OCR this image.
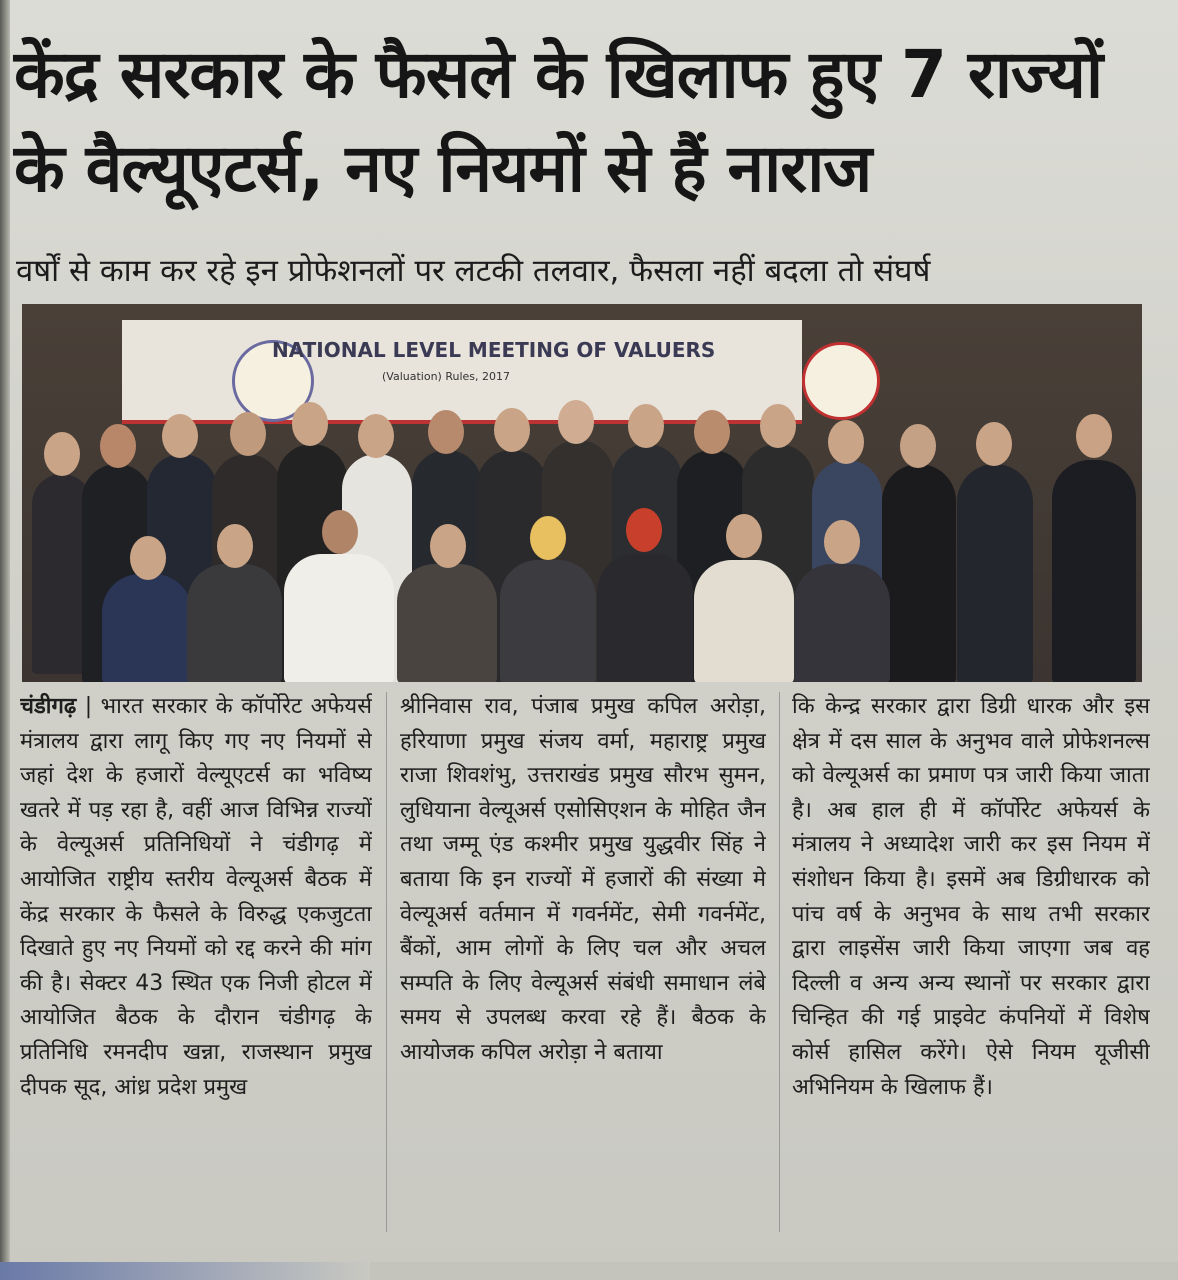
केंद्र सरकार के फैसले के खिलाफ हुए 7 राज्यों के वैल्यूएटर्स, नए नियमों से हैं नाराज

वर्षों से काम कर रहे इन प्रोफेशनलों पर लटकी तलवार, फैसला नहीं बदला तो संघर्ष

NATIONAL LEVEL MEETING OF VALUERS
(Valuation) Rules, 2017
चंडीगढ़ | भारत सरकार के कॉर्पोरेट अफेयर्स मंत्रालय द्वारा लागू किए गए नए नियमों से जहां देश के हजारों वेल्यूएटर्स का भविष्य खतरे में पड़ रहा है, वहीं आज विभिन्न राज्यों के वेल्यूअर्स प्रतिनिधियों ने चंडीगढ़ में आयोजित राष्ट्रीय स्तरीय वेल्यूअर्स बैठक में केंद्र सरकार के फैसले के विरुद्ध एकजुटता दिखाते हुए नए नियमों को रद्द करने की मांग की है। सेक्टर 43 स्थित एक निजी होटल में आयोजित बैठक के दौरान चंडीगढ़ के प्रतिनिधि रमनदीप खन्ना, राजस्थान प्रमुख दीपक सूद, आंध्र प्रदेश प्रमुख
श्रीनिवास राव, पंजाब प्रमुख कपिल अरोड़ा, हरियाणा प्रमुख संजय वर्मा, महाराष्ट्र प्रमुख राजा शिवशंभु, उत्तराखंड प्रमुख सौरभ सुमन, लुधियाना वेल्यूअर्स एसोसिएशन के मोहित जैन तथा जम्मू एंड कश्मीर प्रमुख युद्धवीर सिंह ने बताया कि इन राज्यों में हजारों की संख्या मे वेल्यूअर्स वर्तमान में गवर्नमेंट, सेमी गवर्नमेंट, बैंकों, आम लोगों के लिए चल और अचल सम्पति के लिए वेल्यूअर्स संबंधी समाधान लंबे समय से उपलब्ध करवा रहे हैं। बैठक के आयोजक कपिल अरोड़ा ने बताया
कि केन्द्र सरकार द्वारा डिग्री धारक और इस क्षेत्र में दस साल के अनुभव वाले प्रोफेशनल्स को वेल्यूअर्स का प्रमाण पत्र जारी किया जाता है। अब हाल ही में कॉर्पोरेट अफेयर्स के मंत्रालय ने अध्यादेश जारी कर इस नियम में संशोधन किया है। इसमें अब डिग्रीधारक को पांच वर्ष के अनुभव के साथ तभी सरकार द्वारा लाइसेंस जारी किया जाएगा जब वह दिल्ली व अन्य अन्य स्थानों पर सरकार द्वारा चिन्हित की गई प्राइवेट कंपनियों में विशेष कोर्स हासिल करेंगे। ऐसे नियम यूजीसी अभिनियम के खिलाफ हैं।
